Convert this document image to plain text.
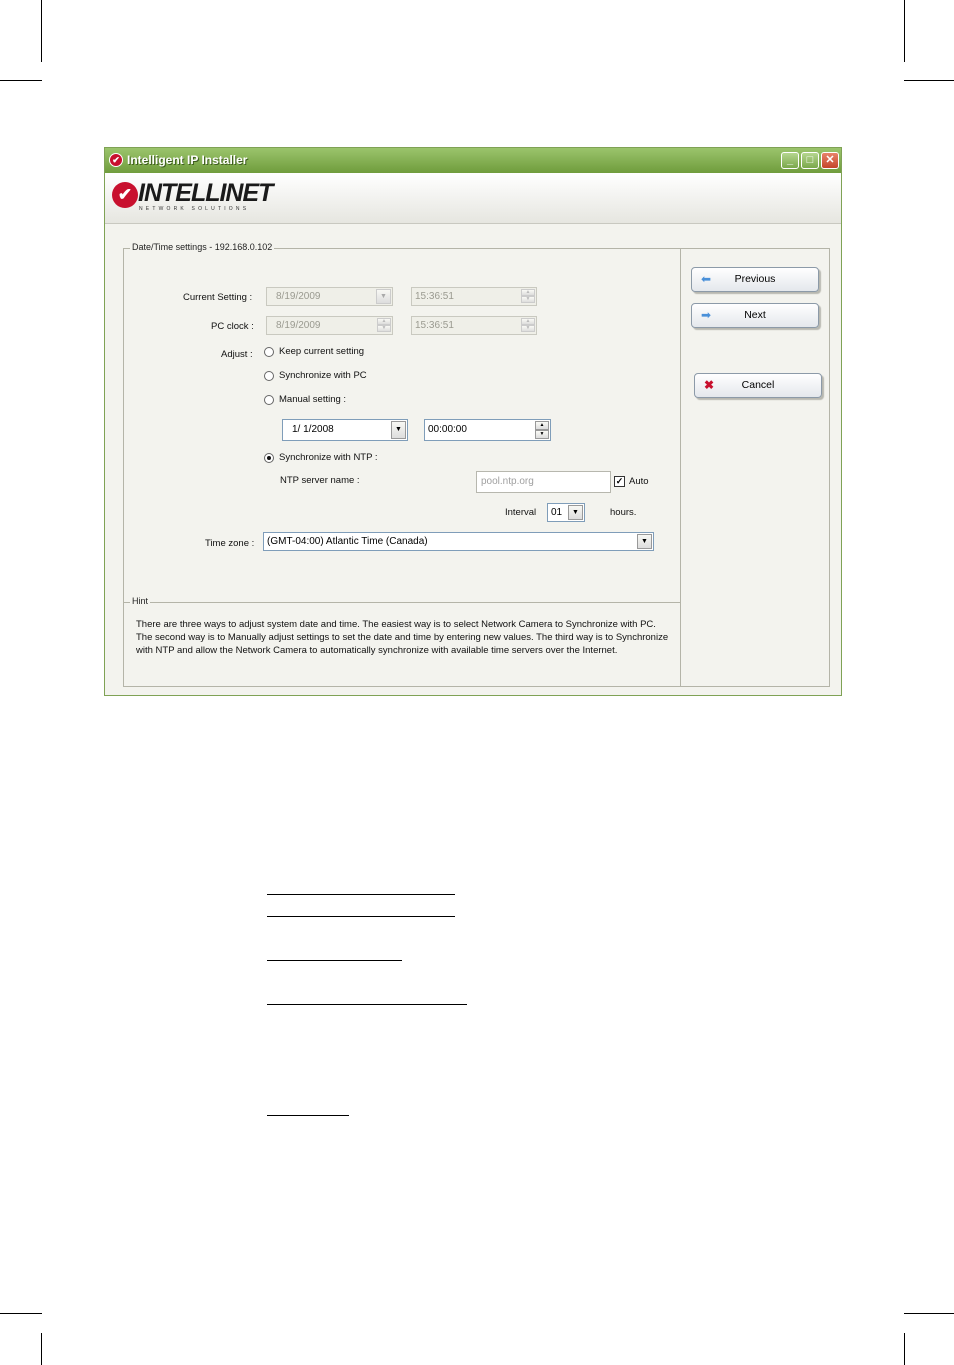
✔ Intelligent IP Installer	_	□	✕
✔ INTELLINET
NETWORK SOLUTIONS
Date/Time settings - 192.168.0.102
Current Setting :	8/19/2009	▼	15:36:51	▲
▼
PC clock :	8/19/2009	▲
▼	15:36:51	▲
▼
Adjust :	Keep current setting
Synchronize with PC
Manual setting :
1/ 1/2008	▼	00:00:00	▲
▼
Synchronize with NTP :
NTP server name :	pool.ntp.org	✓ Auto
Interval	01	▼	hours.
Time zone :	(GMT-04:00) Atlantic Time (Canada)	▼
Hint
There are three ways to adjust system date and time. The easiest way is to select Network Camera to Synchronize with PC. The second way is to Manually adjust settings to set the date and time by entering new values. The third way is to Synchronize with NTP and allow the Network Camera to automatically synchronize with available time servers over the Internet.
⬅ Previous
➡	Next
✖	Cancel
